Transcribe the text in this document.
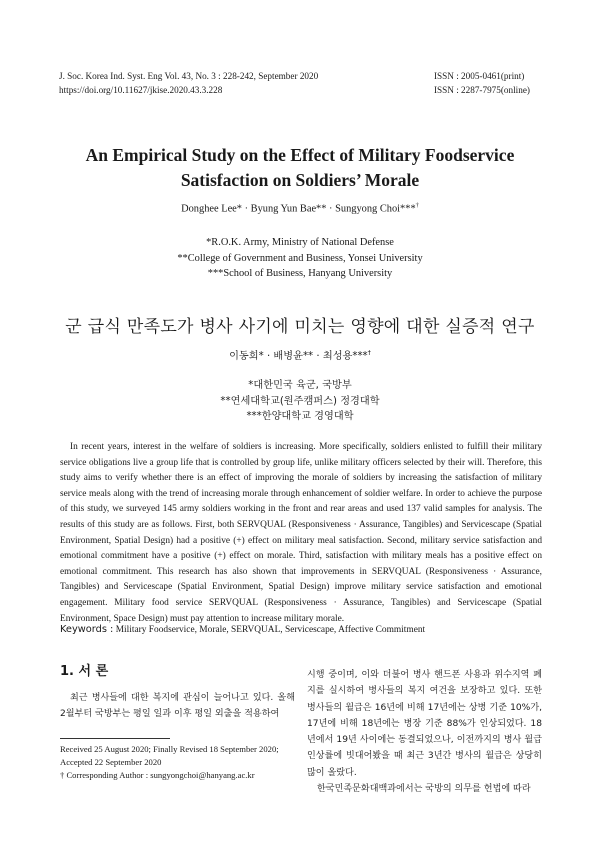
J. Soc. Korea Ind. Syst. Eng Vol. 43, No. 3 : 228-242, September 2020
https://doi.org/10.11627/jkise.2020.43.3.228
ISSN : 2005-0461(print)
ISSN : 2287-7975(online)
An Empirical Study on the Effect of Military Foodservice
Satisfaction on Soldiers’ Morale
Donghee Lee* · Byung Yun Bae** · Sungyong Choi***†
*R.O.K. Army, Ministry of National Defense
**College of Government and Business, Yonsei University
***School of Business, Hanyang University
군 급식 만족도가 병사 사기에 미치는 영향에 대한 실증적 연구
이동희* · 배병윤** · 최성용***†
*대한민국 육군, 국방부
**연세대학교(원주캠퍼스) 정경대학
***한양대학교 경영대학

In recent years, interest in the welfare of soldiers is increasing. More specifically, soldiers enlisted to fulfill their military service obligations live a group life that is controlled by group life, unlike military officers selected by their will. Therefore, this study aims to verify whether there is an effect of improving the morale of soldiers by increasing the satisfaction of military service meals along with the trend of increasing morale through enhancement of soldier welfare. In order to achieve the purpose of this study, we surveyed 145 army soldiers working in the front and rear areas and used 137 valid samples for analysis. The results of this study are as follows. First, both SERVQUAL (Responsiveness · Assurance, Tangibles) and Servicescape (Spatial Environment, Spatial Design) had a positive (+) effect on military meal satisfaction. Second, military service satisfaction and emotional commitment have a positive (+) effect on morale. Third, satisfaction with military meals has a positive effect on emotional commitment. This research has also shown that improvements in SERVQUAL (Responsiveness · Assurance, Tangibles) and Servicescape (Spatial Environment, Spatial Design) improve military service satisfaction and emotional engagement. Military food service SERVQUAL (Responsiveness · Assurance, Tangibles) and Servicescape (Spatial Environment, Space Design) must pay attention to increase military morale.

Keywords : Military Foodservice, Morale, SERVQUAL, Servicescape, Affective Commitment
1. 서 론

최근 병사들에 대한 복지에 관심이 늘어나고 있다. 올해 2월부터 국방부는 평일 일과 이후 평일 외출을 적용하여

시행 중이며, 이와 더불어 병사 핸드폰 사용과 위수지역 폐지를 실시하여 병사들의 복지 여건을 보장하고 있다. 또한 병사들의 월급은 16년에 비해 17년에는 상병 기준 10%가, 17년에 비해 18년에는 병장 기준 88%가 인상되었다. 18년에서 19년 사이에는 동결되었으나, 이전까지의 병사 월급 인상률에 빗대어봤을 때 최근 3년간 병사의 월급은 상당히 많이 올랐다.

한국민족문화대백과에서는 국방의 의무를 헌법에 따라

Received 25 August 2020; Finally Revised 18 September 2020;
Accepted 22 September 2020
† Corresponding Author : sungyongchoi@hanyang.ac.kr
